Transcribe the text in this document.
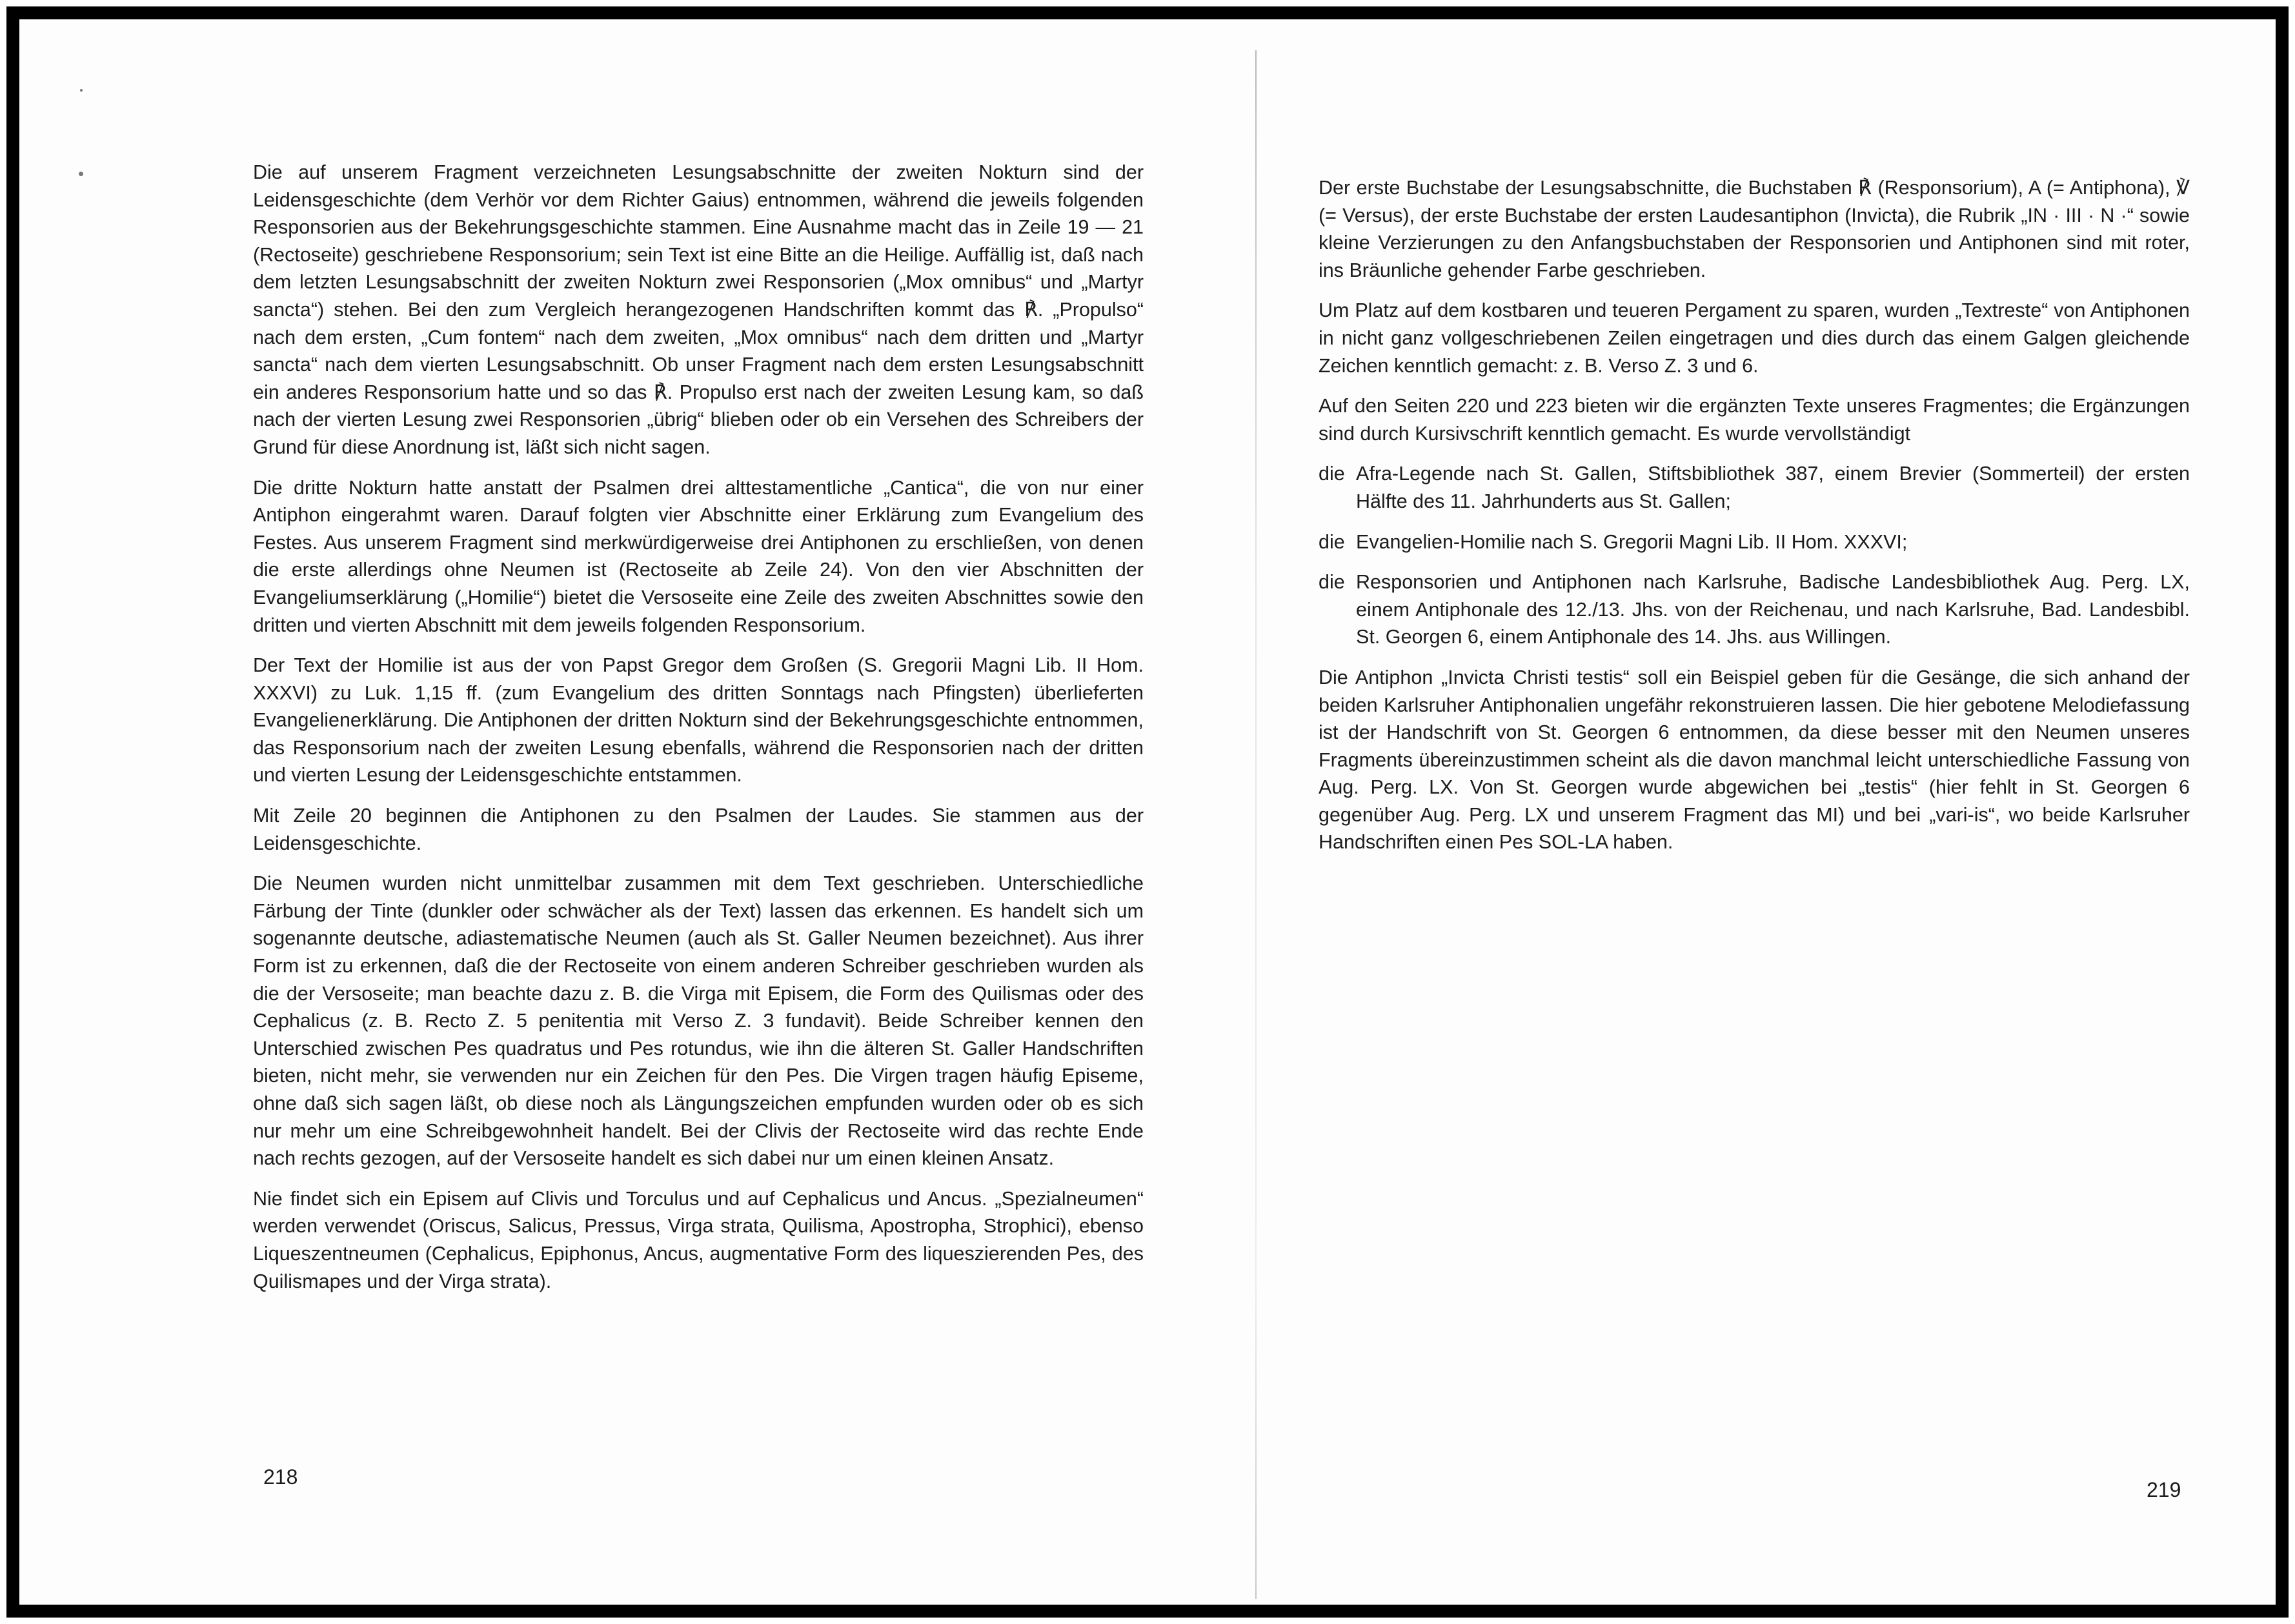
Die auf unserem Fragment verzeichneten Lesungsabschnitte der zweiten Nokturn sind der Leidensgeschichte (dem Verhör vor dem Richter Gaius) entnommen, während die jeweils folgenden Responsorien aus der Bekehrungsgeschichte stammen. Eine Ausnahme macht das in Zeile 19 — 21 (Rectoseite) geschriebene Responsorium; sein Text ist eine Bitte an die Heilige. Auffällig ist, daß nach dem letzten Lesungsabschnitt der zweiten Nokturn zwei Responsorien („Mox omnibus“ und „Martyr sancta“) stehen. Bei den zum Vergleich herangezogenen Handschriften kommt das ℟. „Propulso“ nach dem ersten, „Cum fontem“ nach dem zweiten, „Mox omnibus“ nach dem dritten und „Martyr sancta“ nach dem vierten Lesungsabschnitt. Ob unser Fragment nach dem ersten Lesungsabschnitt ein anderes Responsorium hatte und so das ℟. Propulso erst nach der zweiten Lesung kam, so daß nach der vierten Lesung zwei Responsorien „übrig“ blieben oder ob ein Versehen des Schreibers der Grund für diese Anordnung ist, läßt sich nicht sagen.

Die dritte Nokturn hatte anstatt der Psalmen drei alttestamentliche „Cantica“, die von nur einer Antiphon eingerahmt waren. Darauf folgten vier Abschnitte einer Erklärung zum Evangelium des Festes. Aus unserem Fragment sind merkwürdigerweise drei Antiphonen zu erschließen, von denen die erste allerdings ohne Neumen ist (Rectoseite ab Zeile 24). Von den vier Abschnitten der Evangeliumserklärung („Homilie“) bietet die Versoseite eine Zeile des zweiten Abschnittes sowie den dritten und vierten Abschnitt mit dem jeweils folgenden Responsorium.

Der Text der Homilie ist aus der von Papst Gregor dem Großen (S. Gregorii Magni Lib. II Hom. XXXVI) zu Luk. 1,15 ff. (zum Evangelium des dritten Sonntags nach Pfingsten) überlieferten Evangelienerklärung. Die Antiphonen der dritten Nokturn sind der Bekehrungsgeschichte entnommen, das Responsorium nach der zweiten Lesung ebenfalls, während die Responsorien nach der dritten und vierten Lesung der Leidensgeschichte entstammen.

Mit Zeile 20 beginnen die Antiphonen zu den Psalmen der Laudes. Sie stammen aus der Leidensgeschichte.

Die Neumen wurden nicht unmittelbar zusammen mit dem Text geschrieben. Unterschiedliche Färbung der Tinte (dunkler oder schwächer als der Text) lassen das erkennen. Es handelt sich um sogenannte deutsche, adiastematische Neumen (auch als St. Galler Neumen bezeichnet). Aus ihrer Form ist zu erkennen, daß die der Rectoseite von einem anderen Schreiber geschrieben wurden als die der Versoseite; man beachte dazu z. B. die Virga mit Episem, die Form des Quilismas oder des Cephalicus (z. B. Recto Z. 5 penitentia mit Verso Z. 3 fundavit). Beide Schreiber kennen den Unterschied zwischen Pes quadratus und Pes rotundus, wie ihn die älteren St. Galler Handschriften bieten, nicht mehr, sie verwenden nur ein Zeichen für den Pes. Die Virgen tragen häufig Episeme, ohne daß sich sagen läßt, ob diese noch als Längungszeichen empfunden wurden oder ob es sich nur mehr um eine Schreibgewohnheit handelt. Bei der Clivis der Rectoseite wird das rechte Ende nach rechts gezogen, auf der Versoseite handelt es sich dabei nur um einen kleinen Ansatz.

Nie findet sich ein Episem auf Clivis und Torculus und auf Cephalicus und Ancus. „Spezialneumen“ werden verwendet (Oriscus, Salicus, Pressus, Virga strata, Quilisma, Apostropha, Strophici), ebenso Liqueszentneumen (Cephalicus, Epiphonus, Ancus, augmentative Form des liqueszierenden Pes, des Quilismapes und der Virga strata).

Der erste Buchstabe der Lesungsabschnitte, die Buchstaben ℟ (Responsorium), A (= Antiphona), ℣ (= Versus), der erste Buchstabe der ersten Laudesantiphon (Invicta), die Rubrik „IN · III · N ·“ sowie kleine Verzierungen zu den Anfangsbuchstaben der Responsorien und Antiphonen sind mit roter, ins Bräunliche gehender Farbe geschrieben.

Um Platz auf dem kostbaren und teueren Pergament zu sparen, wurden „Textreste“ von Antiphonen in nicht ganz vollgeschriebenen Zeilen eingetragen und dies durch das einem Galgen gleichende Zeichen kenntlich gemacht: z. B. Verso Z. 3 und 6.

Auf den Seiten 220 und 223 bieten wir die ergänzten Texte unseres Fragmentes; die Ergänzungen sind durch Kursivschrift kenntlich gemacht. Es wurde vervollständigt

die Afra-Legende nach St. Gallen, Stiftsbibliothek 387, einem Brevier (Sommerteil) der ersten Hälfte des 11. Jahrhunderts aus St. Gallen;
die Evangelien-Homilie nach S. Gregorii Magni Lib. II Hom. XXXVI;
die Responsorien und Antiphonen nach Karlsruhe, Badische Landesbibliothek Aug. Perg. LX, einem Antiphonale des 12./13. Jhs. von der Reichenau, und nach Karlsruhe, Bad. Landesbibl. St. Georgen 6, einem Antiphonale des 14. Jhs. aus Willingen.

Die Antiphon „Invicta Christi testis“ soll ein Beispiel geben für die Gesänge, die sich anhand der beiden Karlsruher Antiphonalien ungefähr rekonstruieren lassen. Die hier gebotene Melodiefassung ist der Handschrift von St. Georgen 6 entnommen, da diese besser mit den Neumen unseres Fragments übereinzustimmen scheint als die davon manchmal leicht unterschiedliche Fassung von Aug. Perg. LX. Von St. Georgen wurde abgewichen bei „testis“ (hier fehlt in St. Georgen 6 gegenüber Aug. Perg. LX und unserem Fragment das MI) und bei „vari-is“, wo beide Karlsruher Handschriften einen Pes SOL-LA haben.

218
219
